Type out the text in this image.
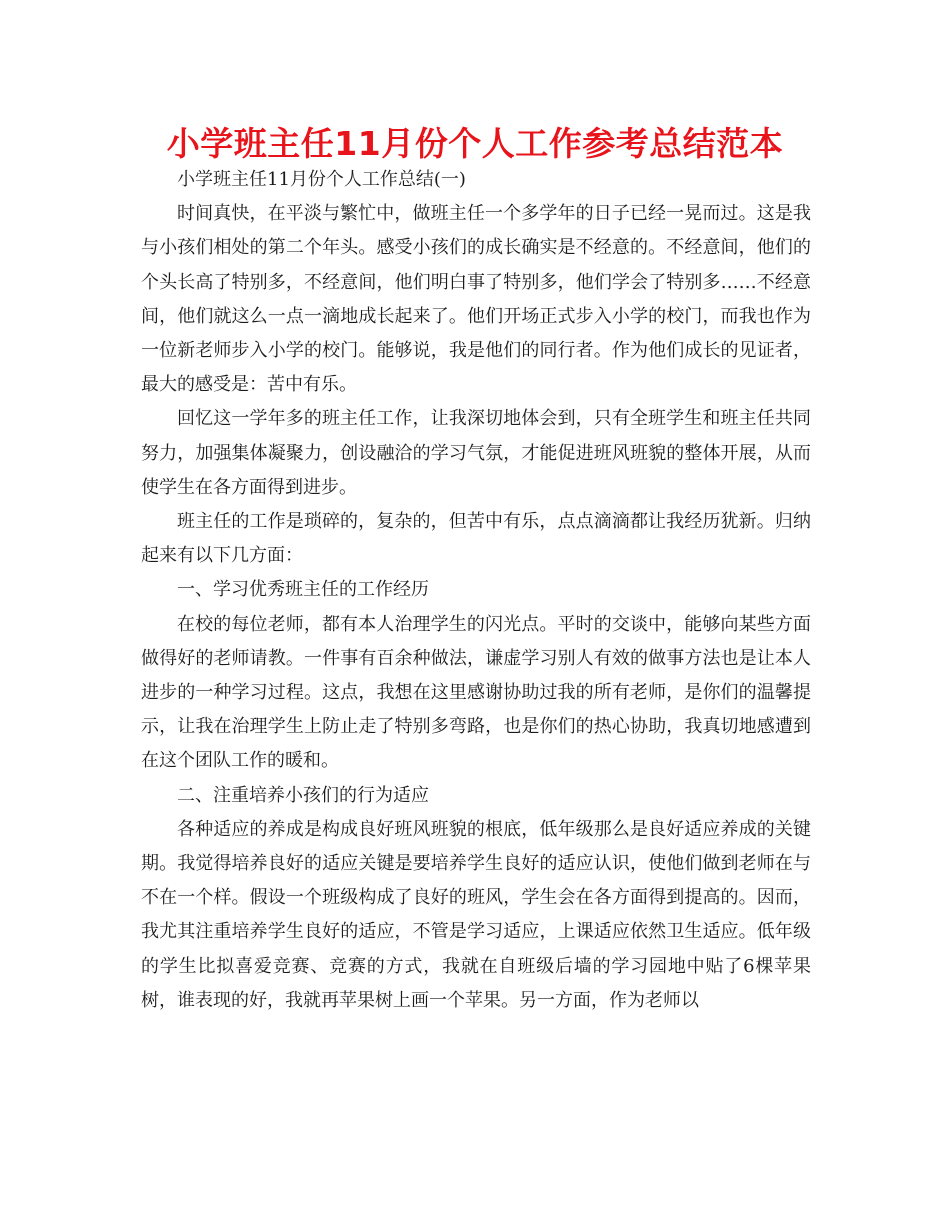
小学班主任11月份个人工作参考总结范本

小学班主任11月份个人工作总结(一)

时间真快，在平淡与繁忙中，做班主任一个多学年的日子已经一晃而过。这是我与小孩们相处的第二个年头。感受小孩们的成长确实是不经意的。不经意间，他们的个头长高了特别多，不经意间，他们明白事了特别多，他们学会了特别多……不经意间，他们就这么一点一滴地成长起来了。他们开场正式步入小学的校门，而我也作为一位新老师步入小学的校门。能够说，我是他们的同行者。作为他们成长的见证者，最大的感受是：苦中有乐。

回忆这一学年多的班主任工作，让我深切地体会到，只有全班学生和班主任共同努力，加强集体凝聚力，创设融洽的学习气氛，才能促进班风班貌的整体开展，从而使学生在各方面得到进步。

班主任的工作是琐碎的，复杂的，但苦中有乐，点点滴滴都让我经历犹新。归纳起来有以下几方面：

一、学习优秀班主任的工作经历

在校的每位老师，都有本人治理学生的闪光点。平时的交谈中，能够向某些方面做得好的老师请教。一件事有百余种做法，谦虚学习别人有效的做事方法也是让本人进步的一种学习过程。这点，我想在这里感谢协助过我的所有老师，是你们的温馨提示，让我在治理学生上防止走了特别多弯路，也是你们的热心协助，我真切地感遭到在这个团队工作的暖和。

二、注重培养小孩们的行为适应

各种适应的养成是构成良好班风班貌的根底，低年级那么是良好适应养成的关键期。我觉得培养良好的适应关键是要培养学生良好的适应认识，使他们做到老师在与不在一个样。假设一个班级构成了良好的班风，学生会在各方面得到提高的。因而，我尤其注重培养学生良好的适应，不管是学习适应，上课适应依然卫生适应。低年级的学生比拟喜爱竞赛、竞赛的方式，我就在自班级后墙的学习园地中贴了6棵苹果树，谁表现的好，我就再苹果树上画一个苹果。另一方面，作为老师以
